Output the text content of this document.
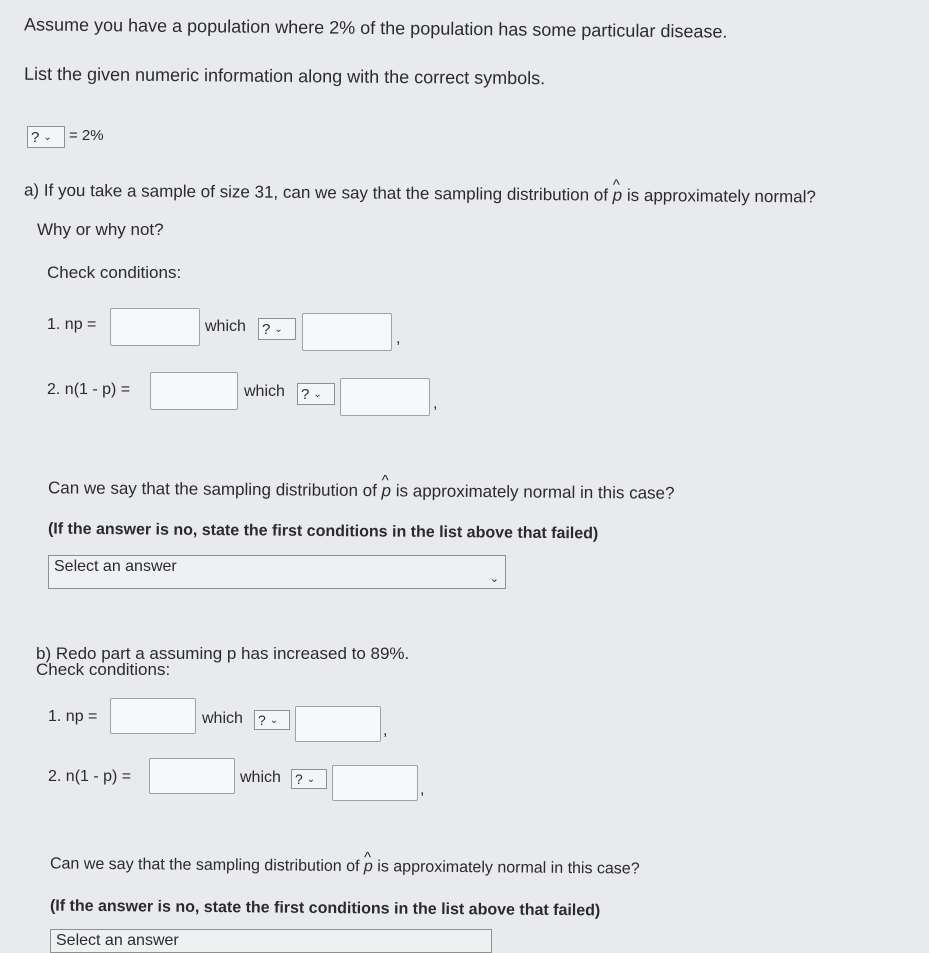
Assume you have a population where 2% of the population has some particular disease.
List the given numeric information along with the correct symbols.
? ⌄ = 2%
a) If you take a sample of size 31, can we say that the sampling distribution of ^ p is approximately normal?
Why or why not?
Check conditions:
1. np =	which ? ⌄
,
2. n(1 - p) =	which ? ⌄
,
Can we say that the sampling distribution of ^ p is approximately normal in this case?
(If the answer is no, state the first conditions in the list above that failed)
Select an answer
⌄
b) Redo part a assuming p has increased to 89%.
Check conditions:
1. np =	which ? ⌄
,
2. n(1 - p) =	which ? ⌄
,
Can we say that the sampling distribution of ^ p is approximately normal in this case?
(If the answer is no, state the first conditions in the list above that failed)
Select an answer
